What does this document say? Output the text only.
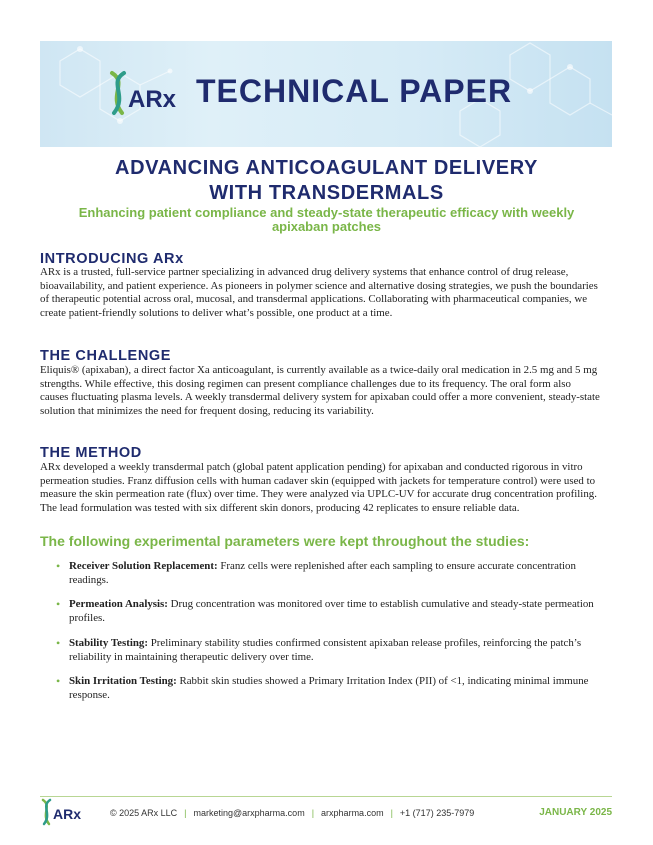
ARx TECHNICAL PAPER
ADVANCING ANTICOAGULANT DELIVERY
WITH TRANSDERMALS
Enhancing patient compliance and steady-state therapeutic efficacy with weekly apixaban patches
INTRODUCING ARx
ARx is a trusted, full-service partner specializing in advanced drug delivery systems that enhance control of drug release, bioavailability, and patient experience. As pioneers in polymer science and alternative dosing strategies, we push the boundaries of therapeutic potential across oral, mucosal, and transdermal applications. Collaborating with pharmaceutical companies, we create patient-friendly solutions to deliver what’s possible, one product at a time.
THE CHALLENGE
Eliquis® (apixaban), a direct factor Xa anticoagulant, is currently available as a twice-daily oral medication in 2.5 mg and 5 mg strengths. While effective, this dosing regimen can present compliance challenges due to its frequency. The oral form also causes fluctuating plasma levels. A weekly transdermal delivery system for apixaban could offer a more convenient, steady-state solution that minimizes the need for frequent dosing, reducing its variability.
THE METHOD
ARx developed a weekly transdermal patch (global patent application pending) for apixaban and conducted rigorous in vitro permeation studies. Franz diffusion cells with human cadaver skin (equipped with jackets for temperature control) were used to measure the skin permeation rate (flux) over time. They were analyzed via UPLC-UV for accurate drug concentration profiling. The lead formulation was tested with six different skin donors, producing 42 replicates to ensure reliable data.
The following experimental parameters were kept throughout the studies:
• Receiver Solution Replacement: Franz cells were replenished after each sampling to ensure accurate concentration readings.
• Permeation Analysis: Drug concentration was monitored over time to establish cumulative and steady-state permeation profiles.
• Stability Testing: Preliminary stability studies confirmed consistent apixaban release profiles, reinforcing the patch’s reliability in maintaining therapeutic delivery over time.
• Skin Irritation Testing: Rabbit skin studies showed a Primary Irritation Index (PII) of <1, indicating minimal immune response.
ARx	© 2025 ARx LLC | marketing@arxpharma.com | arxpharma.com | +1 (717) 235-7979	JANUARY 2025
